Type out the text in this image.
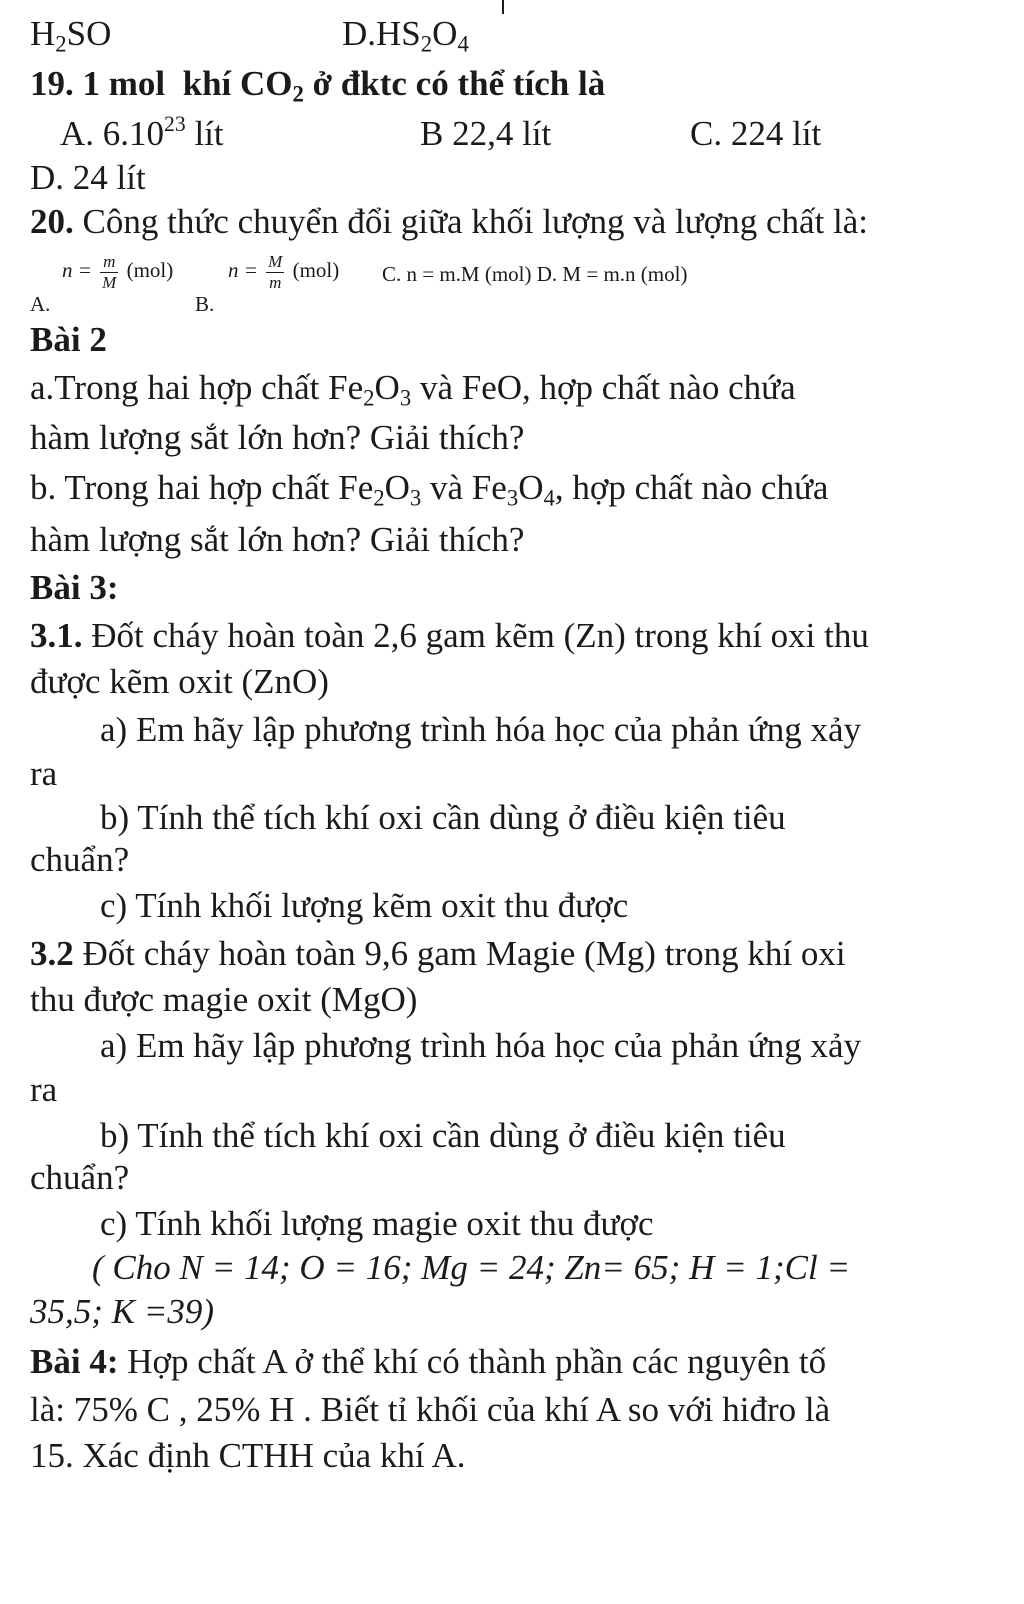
$H_2SO$	$D.HS_2O_4$
19. 1 mol  khí $CO_2$ ở đktc có thể tích là
A. 6.10$^{23}$ lít	B 22,4 lít	C. 224 lít
D. 24 lít
20. Công thức chuyển đổi giữa khối lượng và lượng chất là:
A.
$n = \frac{m}{M} (mol)$
B.
$n = \frac{M}{m} (mol)$ C. n = m.M (mol) D. M = m.n (mol)
Bài 2
a.Trong hai hợp chất $Fe_2O_3$ và FeO, hợp chất nào chứa
hàm lượng sắt lớn hơn? Giải thích?
b. Trong hai hợp chất $Fe_2O_3$ và $Fe_3O_4$, hợp chất nào chứa
hàm lượng sắt lớn hơn? Giải thích?
Bài 3:
3.1. Đốt cháy hoàn toàn 2,6 gam kẽm (Zn) trong khí oxi thu
được kẽm oxit (ZnO)
a) Em hãy lập phương trình hóa học của phản ứng xảy
ra
b) Tính thể tích khí oxi cần dùng ở điều kiện tiêu
chuẩn?
c) Tính khối lượng kẽm oxit thu được
3.2 Đốt cháy hoàn toàn 9,6 gam Magie (Mg) trong khí oxi
thu được magie oxit (MgO)
a) Em hãy lập phương trình hóa học của phản ứng xảy
ra
b) Tính thể tích khí oxi cần dùng ở điều kiện tiêu
chuẩn?
c) Tính khối lượng magie oxit thu được
( Cho N = 14; O = 16; Mg = 24; Zn= 65; H = 1;Cl =
35,5; K =39)
Bài 4: Hợp chất A ở thể khí có thành phần các nguyên tố
là: 75% C , 25% H . Biết tỉ khối của khí A so với hiđro là
15. Xác định CTHH của khí A.
